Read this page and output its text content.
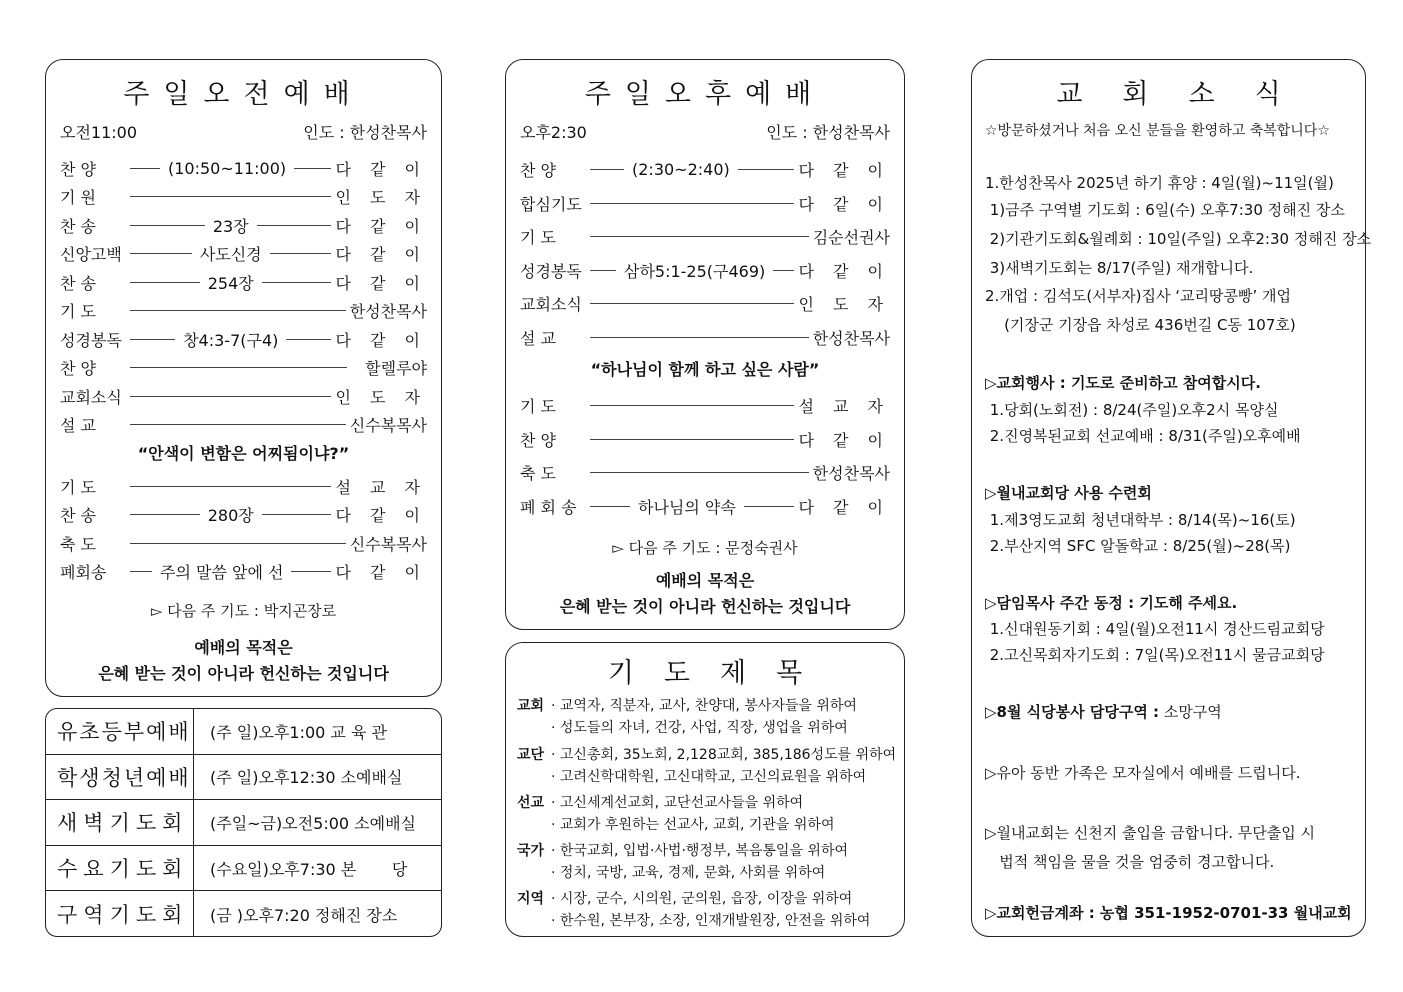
주일오전예배
오전11:00	인도 : 한성찬목사
찬 양	(10:50~11:00)	다 같 이
기 원	인 도 자
찬 송	23장	다 같 이
신앙고백	사도신경	다 같 이
찬 송	254장	다 같 이
기 도	한성찬목사
성경봉독	창4:3-7(구4)	다 같 이
찬 양	할렐루야
교회소식	인 도 자
설 교	신수복목사
“안색이 변함은 어찌됨이냐?”
기 도	설 교 자
찬 송	280장	다 같 이
축 도	신수복목사
폐회송	주의 말씀 앞에 선	다 같 이
▻ 다음 주 기도 : 박지곤장로
예배의 목적은
은혜 받는 것이 아니라 헌신하는 것입니다
유초등부예배	(주 일)오후1:00 교 육 관
학생청년예배	(주 일)오후12:30 소예배실
새벽기도회	(주일~금)오전5:00 소예배실
수요기도회	(수요일)오후7:30 본       당
구역기도회	(금 )오후7:20 정해진 장소
주일오후예배
오후2:30	인도 : 한성찬목사
찬 양	(2:30~2:40)	다 같 이
합심기도	다 같 이
기 도	김순선권사
성경봉독	삼하5:1-25(구469) 다 같 이
교회소식	인 도 자
설 교	한성찬목사
“하나님이 함께 하고 싶은 사람”
기 도	설 교 자
찬 양	다 같 이
축 도	한성찬목사
폐 회 송	하나님의 약속	다 같 이
▻ 다음 주 기도 : 문정숙권사
예배의 목적은
은혜 받는 것이 아니라 헌신하는 것입니다
기도제목
교회 · 교역자, 직분자, 교사, 찬양대, 봉사자들을 위하여
· 성도들의 자녀, 건강, 사업, 직장, 생업을 위하여
교단 · 고신총회, 35노회, 2,128교회, 385,186성도를 위하여
· 고려신학대학원, 고신대학교, 고신의료원을 위하여
선교 · 고신세계선교회, 교단선교사들을 위하여
· 교회가 후원하는 선교사, 교회, 기관을 위하여
국가 · 한국교회, 입법·사법·행정부, 복음통일을 위하여
· 정치, 국방, 교육, 경제, 문화, 사회를 위하여
지역 · 시장, 군수, 시의원, 군의원, 읍장, 이장을 위하여
· 한수원, 본부장, 소장, 인재개발원장, 안전을 위하여
교회소식
☆방문하셨거나 처음 오신 분들을 환영하고 축복합니다☆
1.한성찬목사 2025년 하기 휴양 : 4일(월)~11일(월)
1)금주 구역별 기도회 : 6일(수) 오후7:30 정해진 장소
2)기관기도회&월례회 : 10일(주일) 오후2:30 정해진 장소
3)새벽기도회는 8/17(주일) 재개합니다.
2.개업 : 김석도(서부자)집사 ‘교리땅콩빵’ 개업
(기장군 기장읍 차성로 436번길 C동 107호)
▷교회행사 : 기도로 준비하고 참여합시다.
1.당회(노회전) : 8/24(주일)오후2시 목양실
2.진영복된교회 선교예배 : 8/31(주일)오후예배
▷월내교회당 사용 수련회
1.제3영도교회 청년대학부 : 8/14(목)~16(토)
2.부산지역 SFC 알돌학교 : 8/25(월)~28(목)
▷담임목사 주간 동정 : 기도해 주세요.
1.신대원동기회 : 4일(월)오전11시 경산드림교회당
2.고신목회자기도회 : 7일(목)오전11시 물금교회당
▷8월 식당봉사 담당구역 : 소망구역
▷유아 동반 가족은 모자실에서 예배를 드립니다.
▷월내교회는 신천지 출입을 금합니다. 무단출입 시
법적 책임을 물을 것을 엄중히 경고합니다.
▷교회헌금계좌 : 농협 351-1952-0701-33 월내교회
